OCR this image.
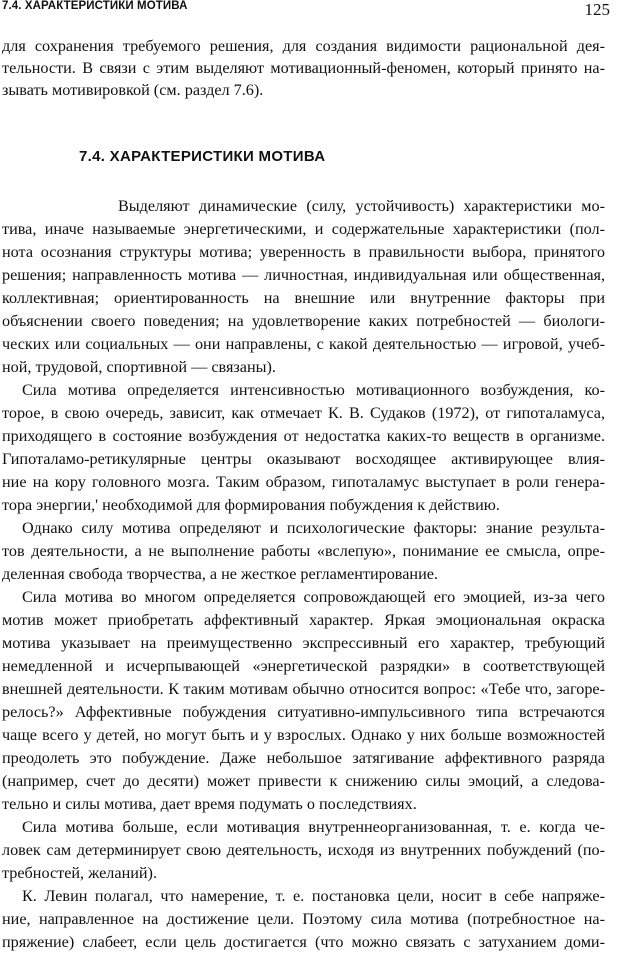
7.4. ХАРАКТЕРИСТИКИ МОТИВА	125
для сохранения требуемого решения, для создания видимости рациональной дея-
тельности. В связи с этим выделяют мотивационный-феномен, который принято на-
зывать мотивировкой (см. раздел 7.6).
7.4. ХАРАКТЕРИСТИКИ МОТИВА
Выделяют динамические (силу, устойчивость) характеристики мо-
тива, иначе называемые энергетическими, и содержательные характеристики (пол-
нота осознания структуры мотива; уверенность в правильности выбора, принятого
решения; направленность мотива — личностная, индивидуальная или общественная,
коллективная; ориентированность на внешние или внутренние факторы при
объяснении своего поведения; на удовлетворение каких потребностей — биологи-
ческих или социальных — они направлены, с какой деятельностью — игровой, учеб-
ной, трудовой, спортивной — связаны).
Сила мотива определяется интенсивностью мотивационного возбуждения, ко-
торое, в свою очередь, зависит, как отмечает К. В. Судаков (1972), от гипоталамуса,
приходящего в состояние возбуждения от недостатка каких-то веществ в организме.
Гипоталамо-ретикулярные центры оказывают восходящее активирующее влия-
ние на кору головного мозга. Таким образом, гипоталамус выступает в роли генера-
тора энергии,' необходимой для формирования побуждения к действию.
Однако силу мотива определяют и психологические факторы: знание результа-
тов деятельности, а не выполнение работы «вслепую», понимание ее смысла, опре-
деленная свобода творчества, а не жесткое регламентирование.
Сила мотива во многом определяется сопровождающей его эмоцией, из-за чего
мотив может приобретать аффективный характер. Яркая эмоциональная окраска
мотива указывает на преимущественно экспрессивный его характер, требующий
немедленной и исчерпывающей «энергетической разрядки» в соответствующей
внешней деятельности. К таким мотивам обычно относится вопрос: «Тебе что, загоре-
релось?» Аффективные побуждения ситуативно-импульсивного типа встречаются
чаще всего у детей, но могут быть и у взрослых. Однако у них больше возможностей
преодолеть это побуждение. Даже небольшое затягивание аффективного разряда
(например, счет до десяти) может привести к снижению силы эмоций, а следова-
тельно и силы мотива, дает время подумать о последствиях.
Сила мотива больше, если мотивация внутреннеорганизованная, т. е. когда че-
ловек сам детерминирует свою деятельность, исходя из внутренних побуждений (по-
требностей, желаний).
К. Левин полагал, что намерение, т. е. постановка цели, носит в себе напряже-
ние, направленное на достижение цели. Поэтому сила мотива (потребностное на-
пряжение) слабеет, если цель достигается (что можно связать с затуханием доми-
